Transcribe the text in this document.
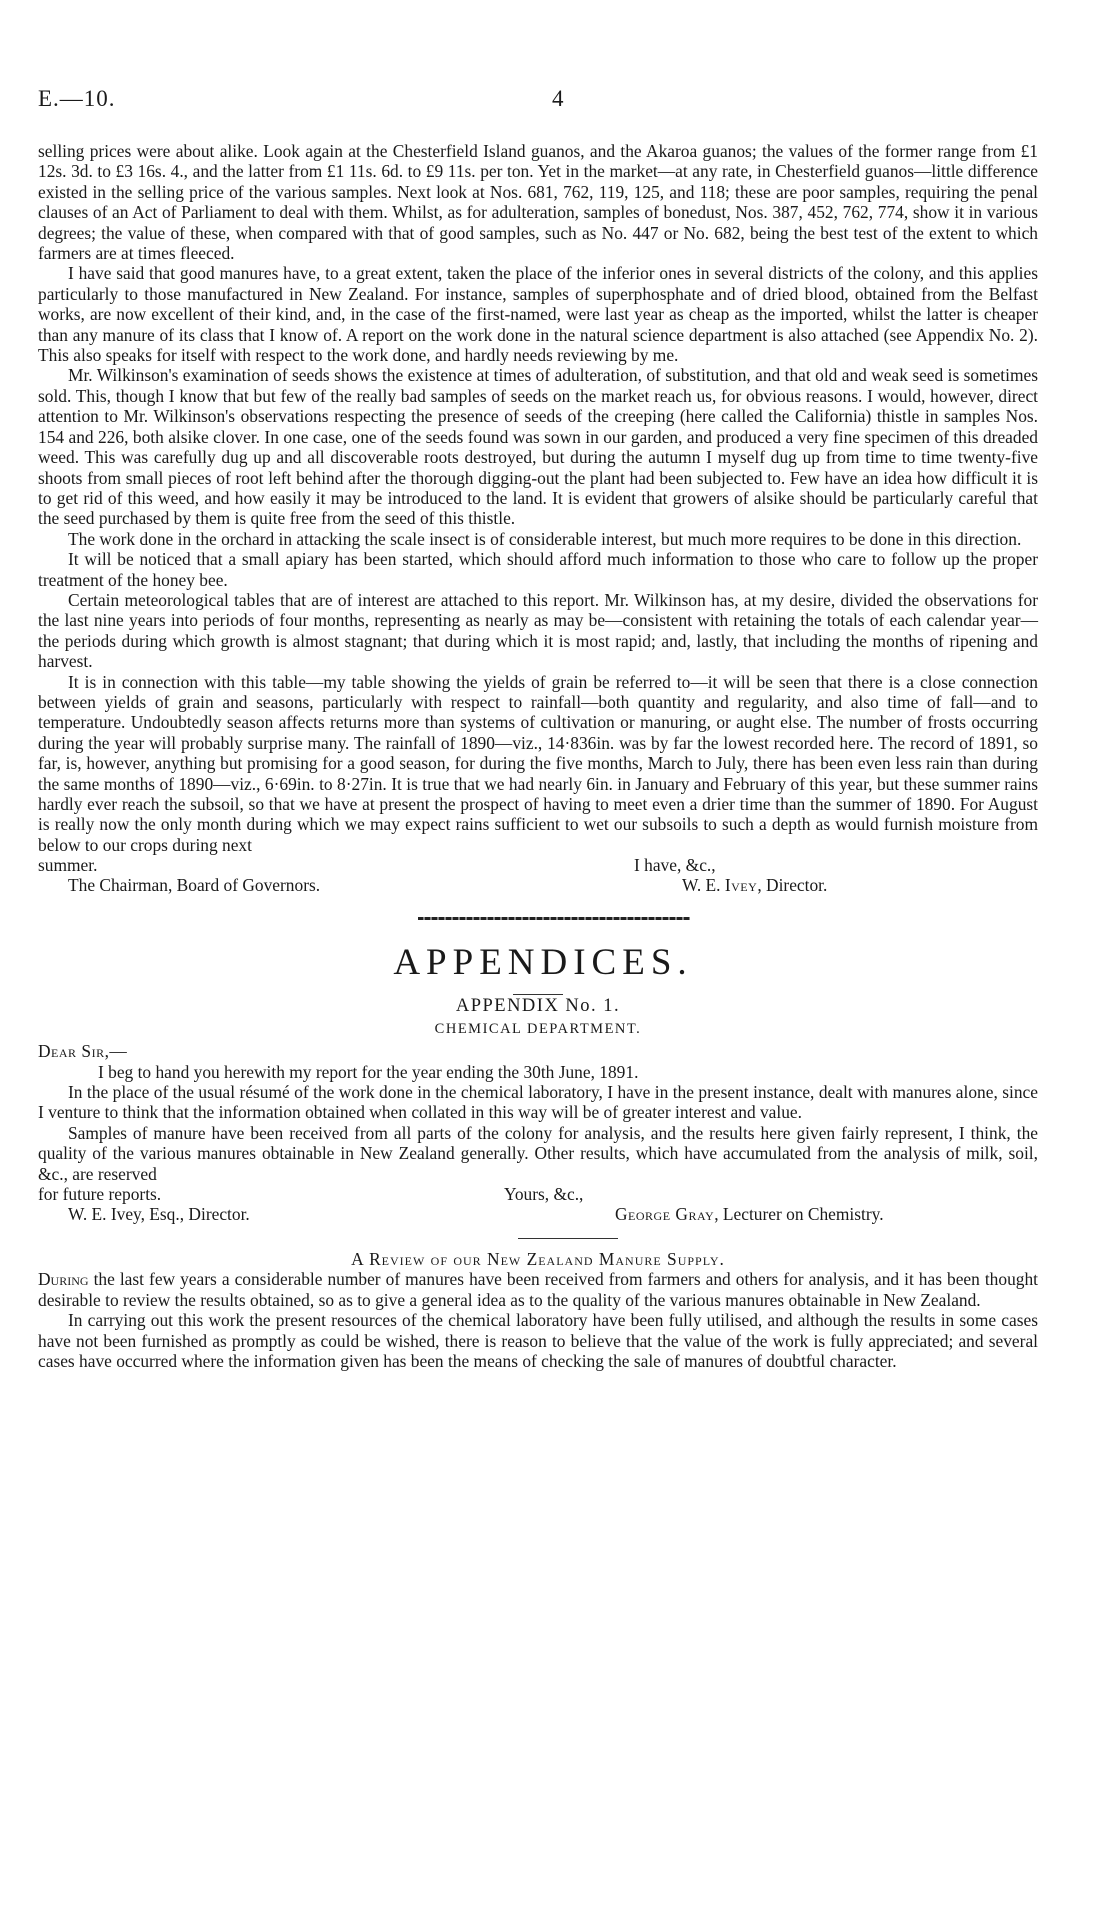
E.—10.	4

selling prices were about alike. Look again at the Chesterfield Island guanos, and the Akaroa guanos; the values of the former range from £1 12s. 3d. to £3 16s. 4., and the latter from £1 11s. 6d. to £9 11s. per ton. Yet in the market—at any rate, in Chesterfield guanos—little difference existed in the selling price of the various samples. Next look at Nos. 681, 762, 119, 125, and 118; these are poor samples, requiring the penal clauses of an Act of Parliament to deal with them. Whilst, as for adulteration, samples of bonedust, Nos. 387, 452, 762, 774, show it in various degrees; the value of these, when compared with that of good samples, such as No. 447 or No. 682, being the best test of the extent to which farmers are at times fleeced.

I have said that good manures have, to a great extent, taken the place of the inferior ones in several districts of the colony, and this applies particularly to those manufactured in New Zealand. For instance, samples of superphosphate and of dried blood, obtained from the Belfast works, are now excellent of their kind, and, in the case of the first-named, were last year as cheap as the imported, whilst the latter is cheaper than any manure of its class that I know of. A report on the work done in the natural science department is also attached (see Appendix No. 2). This also speaks for itself with respect to the work done, and hardly needs reviewing by me.

Mr. Wilkinson's examination of seeds shows the existence at times of adulteration, of substitution, and that old and weak seed is sometimes sold. This, though I know that but few of the really bad samples of seeds on the market reach us, for obvious reasons. I would, however, direct attention to Mr. Wilkinson's observations respecting the presence of seeds of the creeping (here called the California) thistle in samples Nos. 154 and 226, both alsike clover. In one case, one of the seeds found was sown in our garden, and produced a very fine specimen of this dreaded weed. This was carefully dug up and all discoverable roots destroyed, but during the autumn I myself dug up from time to time twenty-five shoots from small pieces of root left behind after the thorough digging-out the plant had been subjected to. Few have an idea how difficult it is to get rid of this weed, and how easily it may be introduced to the land. It is evident that growers of alsike should be particularly careful that the seed purchased by them is quite free from the seed of this thistle.

The work done in the orchard in attacking the scale insect is of considerable interest, but much more requires to be done in this direction.

It will be noticed that a small apiary has been started, which should afford much information to those who care to follow up the proper treatment of the honey bee.

Certain meteorological tables that are of interest are attached to this report. Mr. Wilkinson has, at my desire, divided the observations for the last nine years into periods of four months, representing as nearly as may be—consistent with retaining the totals of each calendar year—the periods during which growth is almost stagnant; that during which it is most rapid; and, lastly, that including the months of ripening and harvest.

It is in connection with this table—my table showing the yields of grain be referred to—it will be seen that there is a close connection between yields of grain and seasons, particularly with respect to rainfall—both quantity and regularity, and also time of fall—and to temperature. Undoubtedly season affects returns more than systems of cultivation or manuring, or aught else. The number of frosts occurring during the year will probably surprise many. The rainfall of 1890—viz., 14·836in. was by far the lowest recorded here. The record of 1891, so far, is, however, anything but promising for a good season, for during the five months, March to July, there has been even less rain than during the same months of 1890—viz., 6·69in. to 8·27in. It is true that we had nearly 6in. in January and February of this year, but these summer rains hardly ever reach the subsoil, so that we have at present the prospect of having to meet even a drier time than the summer of 1890. For August is really now the only month during which we may expect rains sufficient to wet our subsoils to such a depth as would furnish moisture from below to our crops during next

summer.	I have, &c.,
The Chairman, Board of Governors.	W. E. Ivey, Director.
APPENDICES.
APPENDIX No. 1.
CHEMICAL DEPARTMENT.

Dear Sir,—

I beg to hand you herewith my report for the year ending the 30th June, 1891.

In the place of the usual résumé of the work done in the chemical laboratory, I have in the present instance, dealt with manures alone, since I venture to think that the information obtained when collated in this way will be of greater interest and value.

Samples of manure have been received from all parts of the colony for analysis, and the results here given fairly represent, I think, the quality of the various manures obtainable in New Zealand generally. Other results, which have accumulated from the analysis of milk, soil, &c., are reserved

for future reports.	Yours, &c.,
W. E. Ivey, Esq., Director.	George Gray, Lecturer on Chemistry.
A Review of our New Zealand Manure Supply.

During the last few years a considerable number of manures have been received from farmers and others for analysis, and it has been thought desirable to review the results obtained, so as to give a general idea as to the quality of the various manures obtainable in New Zealand.

In carrying out this work the present resources of the chemical laboratory have been fully utilised, and although the results in some cases have not been furnished as promptly as could be wished, there is reason to believe that the value of the work is fully appreciated; and several cases have occurred where the information given has been the means of checking the sale of manures of doubtful character.
